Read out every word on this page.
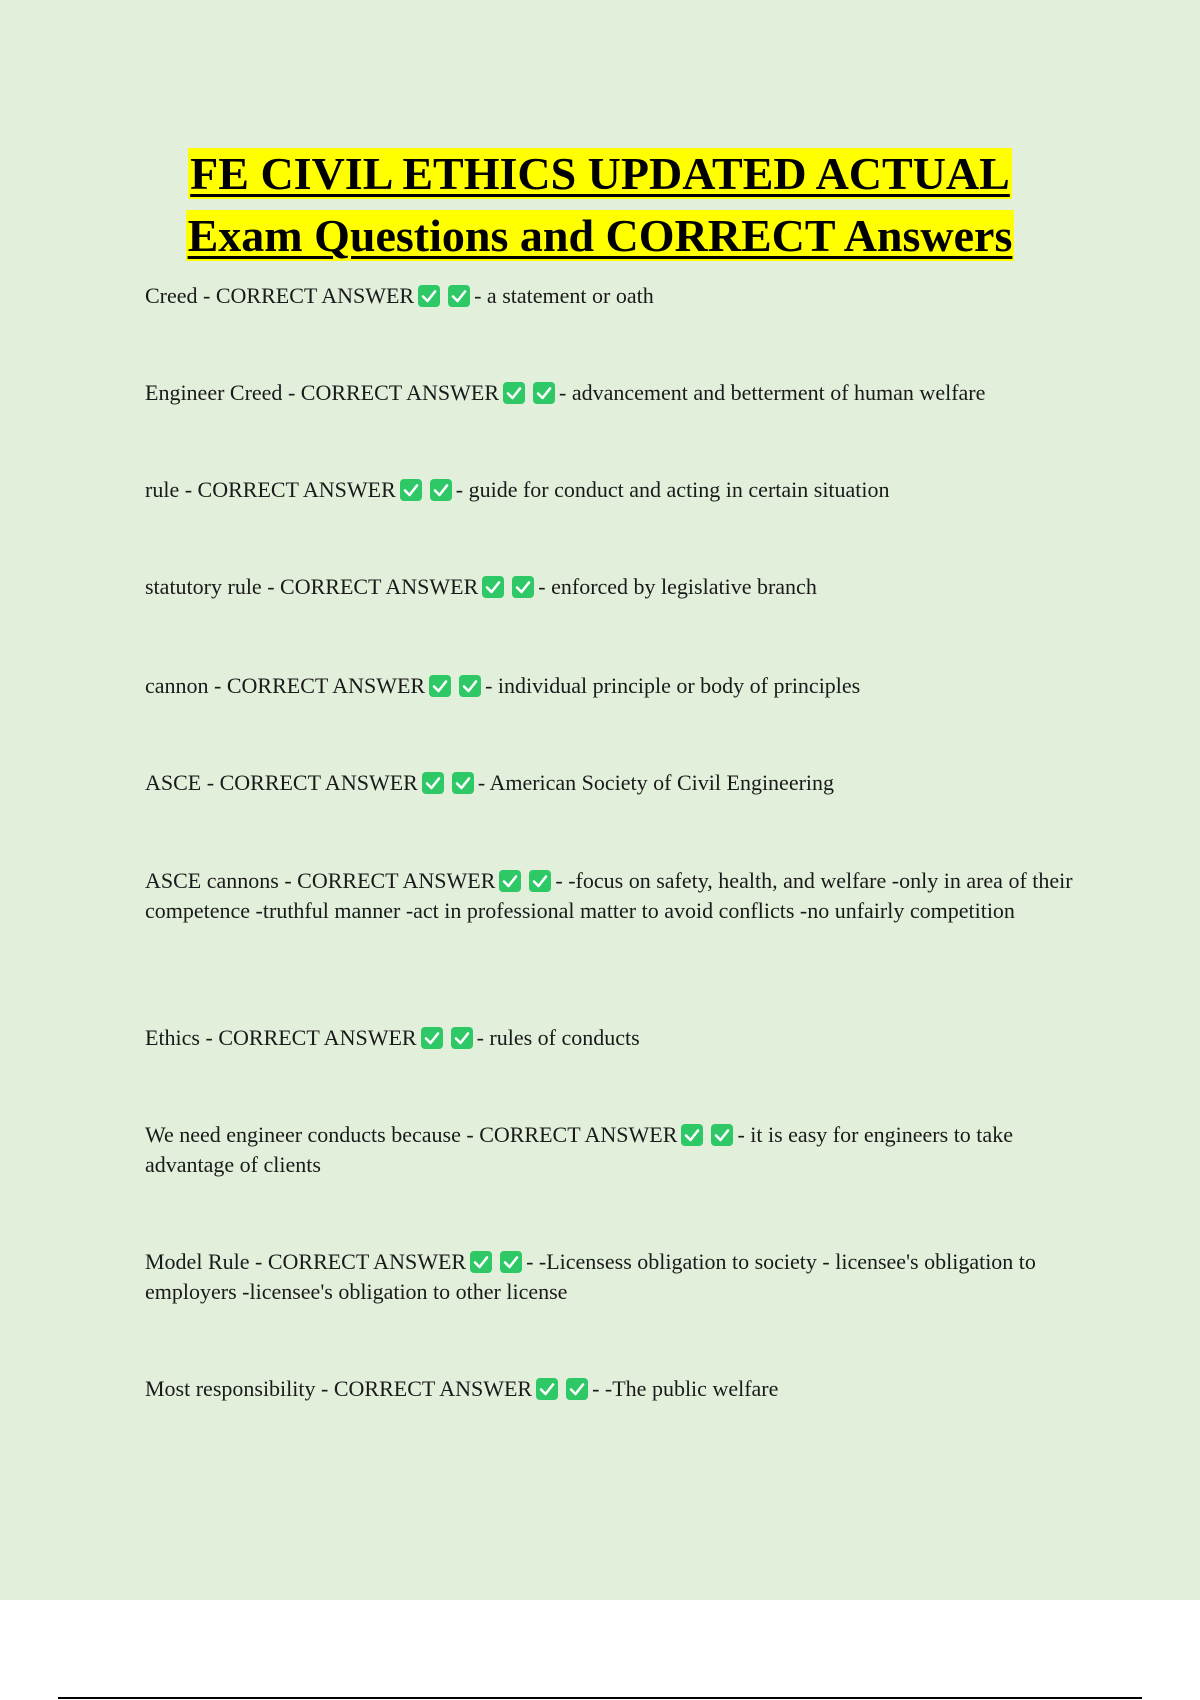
FE CIVIL ETHICS UPDATED ACTUAL
Exam Questions and CORRECT Answers
Creed - CORRECT ANSWER	- a statement or oath
Engineer Creed - CORRECT ANSWER	- advancement and betterment of human welfare
rule - CORRECT ANSWER	- guide for conduct and acting in certain situation
statutory rule - CORRECT ANSWER	- enforced by legislative branch
cannon - CORRECT ANSWER	- individual principle or body of principles
ASCE - CORRECT ANSWER	- American Society of Civil Engineering
ASCE cannons - CORRECT ANSWER	- -focus on safety, health, and welfare -only in area of their competence -truthful manner -act in professional matter to avoid conflicts -no unfairly competition
Ethics - CORRECT ANSWER	- rules of conducts
We need engineer conducts because - CORRECT ANSWER	- it is easy for engineers to take advantage of clients
Model Rule - CORRECT ANSWER	- -Licensess obligation to society - licensee's obligation to employers -licensee's obligation to other license
Most responsibility - CORRECT ANSWER	- -The public welfare
